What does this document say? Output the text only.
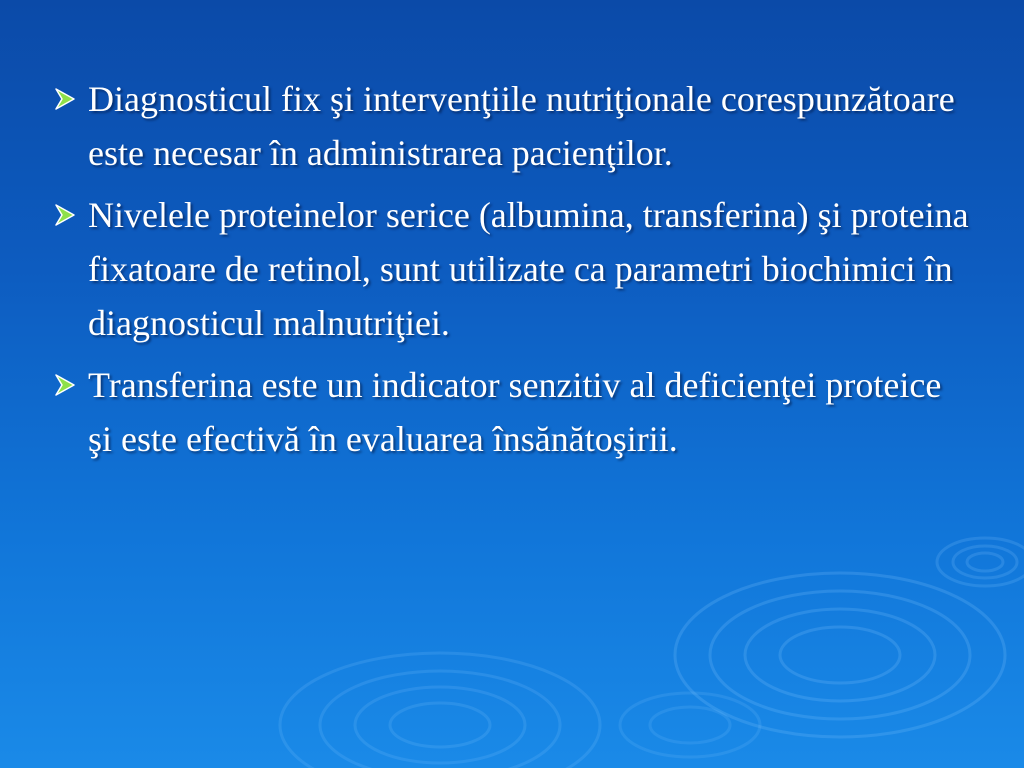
Diagnosticul fix şi intervenţiile nutriţionale corespunzătoare este necesar în administrarea pacienţilor.
Nivelele proteinelor serice (albumina, transferina) şi proteina fixatoare de retinol, sunt utilizate ca parametri biochimici în diagnosticul malnutriţiei.
Transferina este un indicator senzitiv al deficienţei proteice şi este efectivă în evaluarea însănătoşirii.
